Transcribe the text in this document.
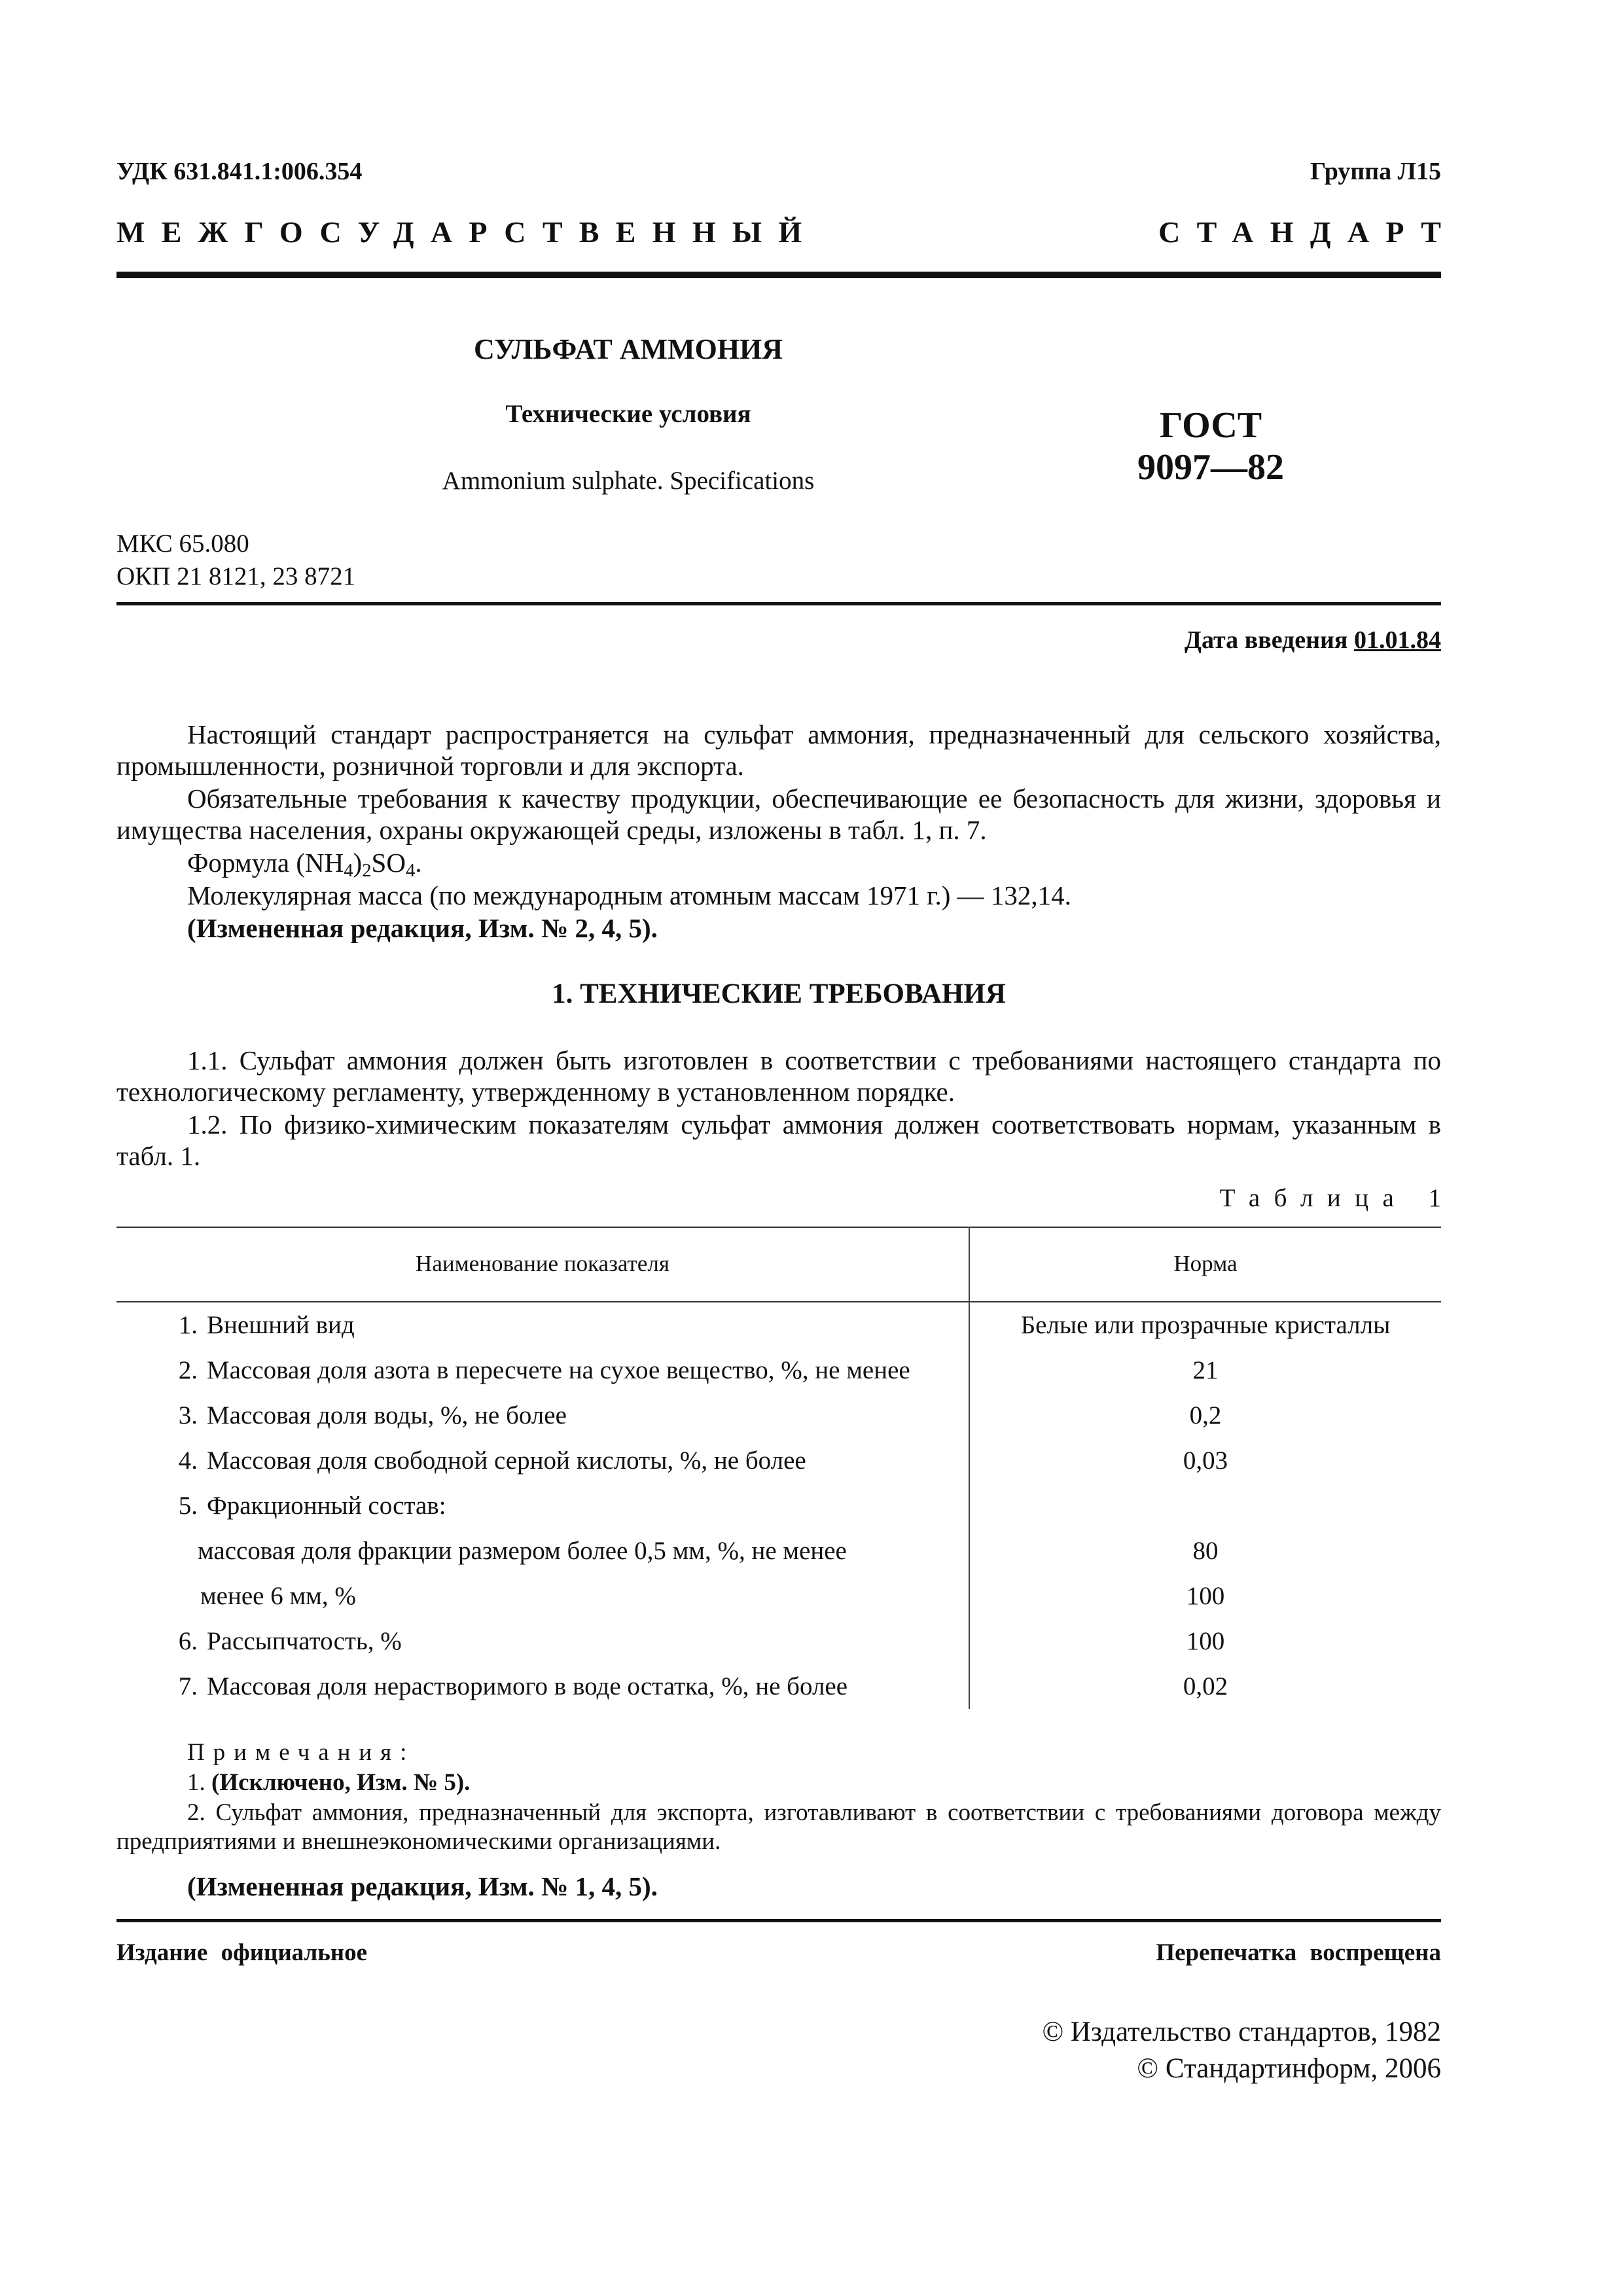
УДК 631.841.1:006.354	Группа Л15
МЕЖГОСУДАРСТВЕННЫЙ	СТАНДАРТ
СУЛЬФАТ АММОНИЯ
Технические условия
Ammonium sulphate. Specifications
ГОСТ
9097—82
МКС 65.080
ОКП 21 8121, 23 8721
Дата введения 01.01.84
Настоящий стандарт распространяется на сульфат аммония, предназначенный для сельского хозяйства, промышленности, розничной торговли и для экспорта.
Обязательные требования к качеству продукции, обеспечивающие ее безопасность для жизни, здоровья и имущества населения, охраны окружающей среды, изложены в табл. 1, п. 7.
Формула $(NH_4)_2SO_4$.
Молекулярная масса (по международным атомным массам 1971 г.) — 132,14.
(Измененная редакция, Изм. № 2, 4, 5).
1. ТЕХНИЧЕСКИЕ ТРЕБОВАНИЯ
1.1. Сульфат аммония должен быть изготовлен в соответствии с требованиями настоящего стандарта по технологическому регламенту, утвержденному в установленном порядке.
1.2. По физико-химическим показателям сульфат аммония должен соответствовать нормам, указанным в табл. 1.
Таблица 1
Наименование показателя	Норма
1. Внешний вид	Белые или прозрачные кристаллы
2. Массовая доля азота в пересчете на сухое вещество, %, не менее	21
3. Массовая доля воды, %, не более	0,2
4. Массовая доля свободной серной кислоты, %, не более	0,03
5. Фракционный состав:	
массовая доля фракции размером более 0,5 мм, %, не менее	80
менее 6 мм, %	100
6. Рассыпчатость, %	100
7. Массовая доля нерастворимого в воде остатка, %, не более	0,02
Примечания:
1. (Исключено, Изм. № 5).
2. Сульфат аммония, предназначенный для экспорта, изготавливают в соответствии с требованиями договора между предприятиями и внешнеэкономическими организациями.
(Измененная редакция, Изм. № 1, 4, 5).
Издание официальное	Перепечатка воспрещена
© Издательство стандартов, 1982
© Стандартинформ, 2006
